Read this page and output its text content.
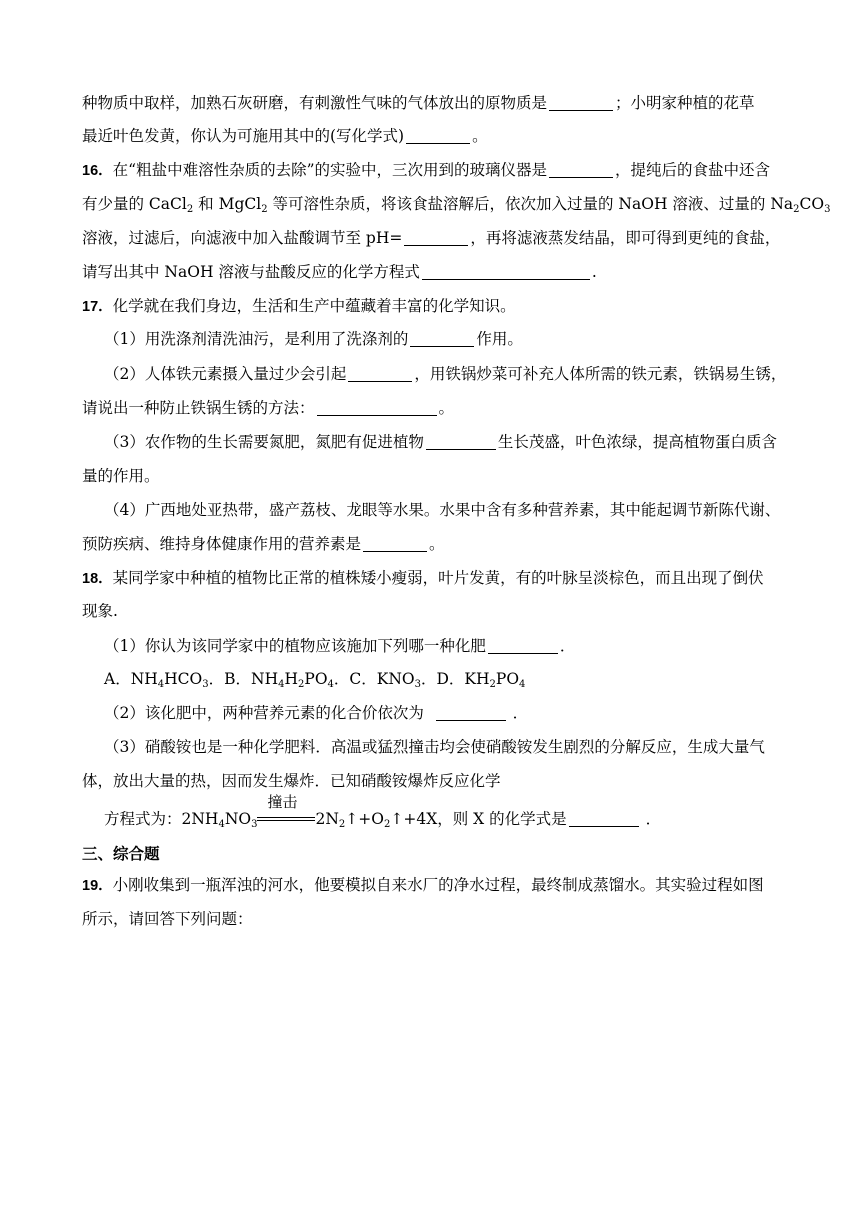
种物质中取样，加熟石灰研磨，有刺激性气味的气体放出的原物质是	；小明家种植的花草
最近叶色发黄，你认为可施用其中的(写化学式)	。
16．在“粗盐中难溶性杂质的去除”的实验中，三次用到的玻璃仪器是	，提纯后的食盐中还含
有少量的 CaCl$_2$ 和 MgCl$_2$ 等可溶性杂质，将该食盐溶解后，依次加入过量的 NaOH 溶液、过量的 $Na_2CO_3$
溶液，过滤后，向滤液中加入盐酸调节至 pH=	，再将滤液蒸发结晶，即可得到更纯的食盐，
请写出其中 NaOH 溶液与盐酸反应的化学方程式	.
17．化学就在我们身边，生活和生产中蕴藏着丰富的化学知识。
（1）用洗涤剂清洗油污，是利用了洗涤剂的	作用。
（2）人体铁元素摄入量过少会引起	，用铁锅炒菜可补充人体所需的铁元素，铁锅易生锈，
请说出一种防止铁锅生锈的方法：	。
（3）农作物的生长需要氮肥，氮肥有促进植物	生长茂盛，叶色浓绿，提高植物蛋白质含
量的作用。
（4）广西地处亚热带，盛产荔枝、龙眼等水果。水果中含有多种营养素，其中能起调节新陈代谢、
预防疾病、维持身体健康作用的营养素是	。
18．某同学家中种植的植物比正常的植株矮小瘦弱，叶片发黄，有的叶脉呈淡棕色，而且出现了倒伏
现象.
（1）你认为该同学家中的植物应该施加下列哪一种化肥	．
A．$NH_4HCO_3$．B．$NH_4H_2PO_4$．C．$KNO_3$．D．$KH_2PO_4$
（2）该化肥中，两种营养元素的化合价依次为	．
（3）硝酸铵也是一种化学肥料．高温或猛烈撞击均会使硝酸铵发生剧烈的分解反应，生成大量气
体，放出大量的热，因而发生爆炸．已知硝酸铵爆炸反应化学
方程式为：$2NH_4NO_3$
撞击
$2N_2↑+O_2↑+4X$，则 X 的化学式是	．
三、综合题
19．小刚收集到一瓶浑浊的河水，他要模拟自来水厂的净水过程，最终制成蒸馏水。其实验过程如图
所示，请回答下列问题：
